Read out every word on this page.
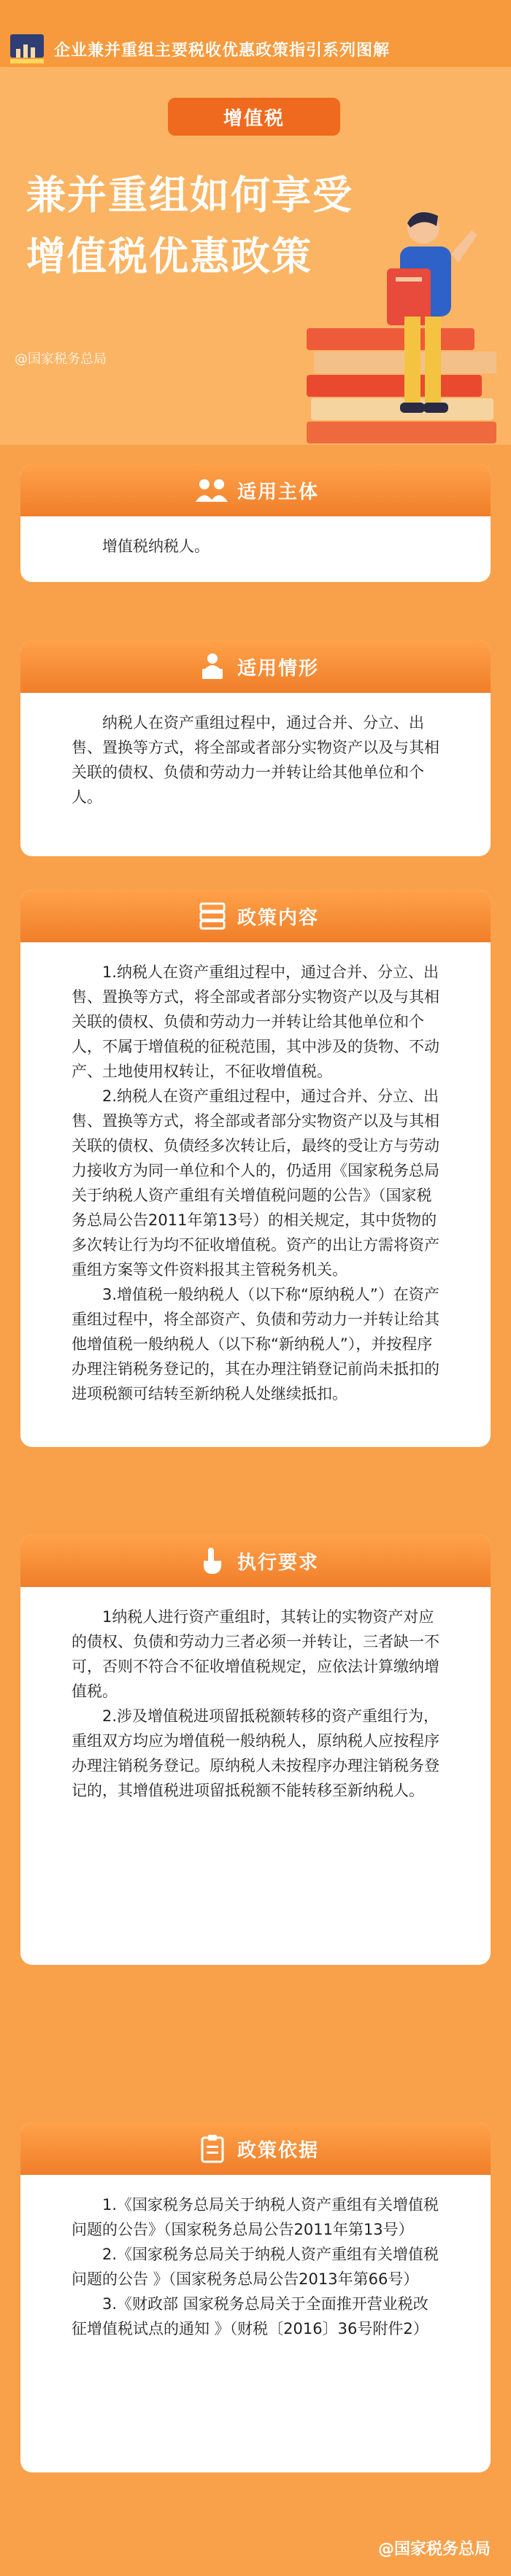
企业兼并重组主要税收优惠政策指引系列图解
增值税
兼并重组如何享受
增值税优惠政策
@国家税务总局
适用主体

增值税纳税人。

适用情形

纳税人在资产重组过程中，通过合并、分立、出售、置换等方式，将全部或者部分实物资产以及与其相关联的债权、负债和劳动力一并转让给其他单位和个人。

政策内容

1.纳税人在资产重组过程中，通过合并、分立、出售、置换等方式，将全部或者部分实物资产以及与其相关联的债权、负债和劳动力一并转让给其他单位和个人，不属于增值税的征税范围，其中涉及的货物、不动产、土地使用权转让，不征收增值税。

2.纳税人在资产重组过程中，通过合并、分立、出售、置换等方式，将全部或者部分实物资产以及与其相关联的债权、负债经多次转让后，最终的受让方与劳动力接收方为同一单位和个人的，仍适用《国家税务总局关于纳税人资产重组有关增值税问题的公告》（国家税务总局公告2011年第13号）的相关规定，其中货物的多次转让行为均不征收增值税。资产的出让方需将资产重组方案等文件资料报其主管税务机关。

3.增值税一般纳税人（以下称“原纳税人”）在资产重组过程中，将全部资产、负债和劳动力一并转让给其他增值税一般纳税人（以下称“新纳税人”），并按程序办理注销税务登记的，其在办理注销登记前尚未抵扣的进项税额可结转至新纳税人处继续抵扣。

执行要求

1纳税人进行资产重组时，其转让的实物资产对应的债权、负债和劳动力三者必须一并转让，三者缺一不可，否则不符合不征收增值税规定，应依法计算缴纳增值税。

2.涉及增值税进项留抵税额转移的资产重组行为，重组双方均应为增值税一般纳税人，原纳税人应按程序办理注销税务登记。原纳税人未按程序办理注销税务登记的，其增值税进项留抵税额不能转移至新纳税人。

政策依据

1.《国家税务总局关于纳税人资产重组有关增值税问题的公告》（国家税务总局公告2011年第13号）

2.《国家税务总局关于纳税人资产重组有关增值税问题的公告 》（国家税务总局公告2013年第66号）

3.《财政部 国家税务总局关于全面推开营业税改征增值税试点的通知 》（财税〔2016〕36号附件2）

@国家税务总局
